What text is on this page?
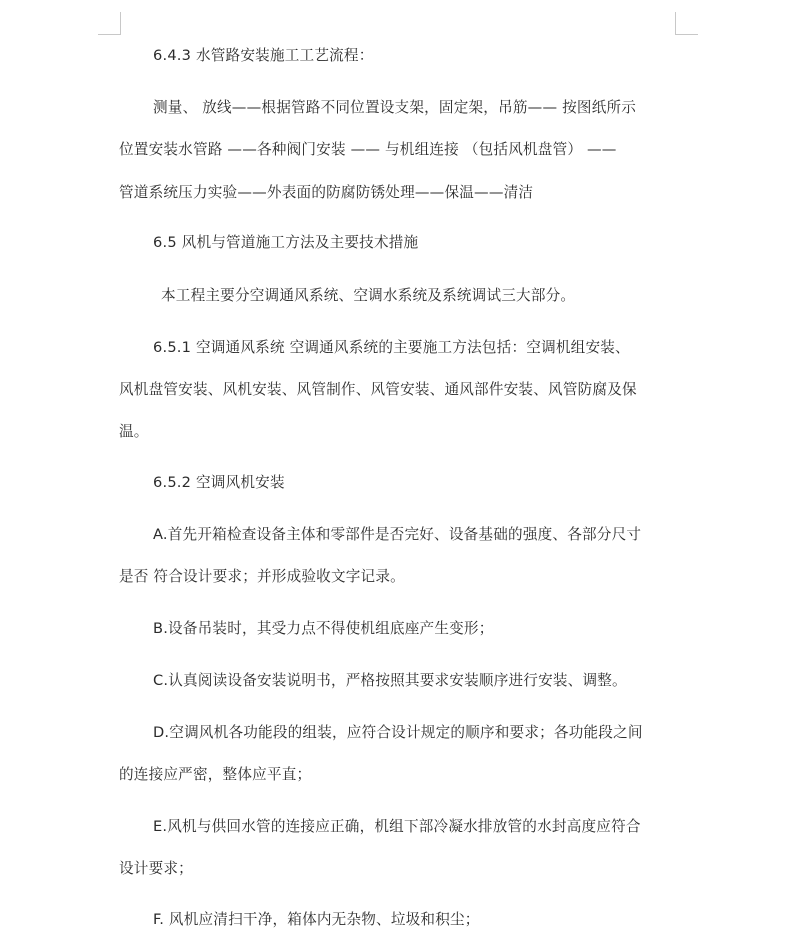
6.4.3 水管路安装施工工艺流程：
测量、 放线——根据管路不同位置设支架，固定架，吊筋—— 按图纸所示
位置安装水管路 ——各种阀门安装 —— 与机组连接 （包括风机盘管） ——
管道系统压力实验——外表面的防腐防锈处理——保温——清洁
6.5 风机与管道施工方法及主要技术措施
本工程主要分空调通风系统、空调水系统及系统调试三大部分。
6.5.1 空调通风系统 空调通风系统的主要施工方法包括：空调机组安装、
风机盘管安装、风机安装、风管制作、风管安装、通风部件安装、风管防腐及保
温。
6.5.2 空调风机安装
A.首先开箱检查设备主体和零部件是否完好、设备基础的强度、各部分尺寸
是否 符合设计要求；并形成验收文字记录。
B.设备吊装时，其受力点不得使机组底座产生变形；
C.认真阅读设备安装说明书，严格按照其要求安装顺序进行安装、调整。
D.空调风机各功能段的组装，应符合设计规定的顺序和要求；各功能段之间
的连接应严密，整体应平直；
E.风机与供回水管的连接应正确，机组下部冷凝水排放管的水封高度应符合
设计要求；
F. 风机应清扫干净，箱体内无杂物、垃圾和积尘；
